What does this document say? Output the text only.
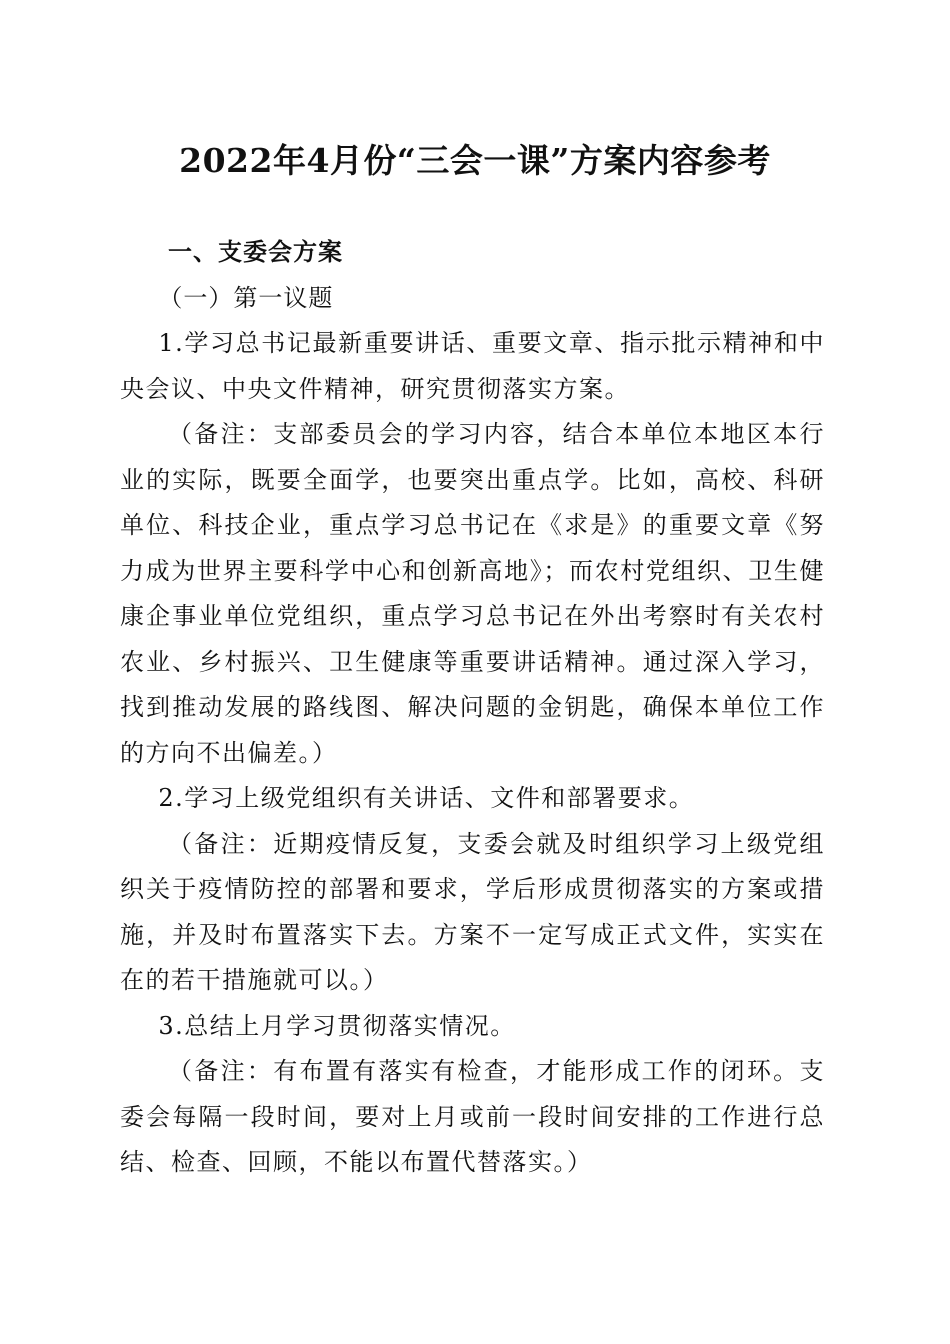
2022年4月份“三会一课”方案内容参考

一、支委会方案

（一）第一议题

1.学习总书记最新重要讲话、重要文章、指示批示精神和中央会议、中央文件精神，研究贯彻落实方案。

（备注：支部委员会的学习内容，结合本单位本地区本行业的实际，既要全面学，也要突出重点学。比如，高校、科研单位、科技企业，重点学习总书记在《求是》的重要文章《努力成为世界主要科学中心和创新高地》；而农村党组织、卫生健康企事业单位党组织，重点学习总书记在外出考察时有关农村农业、乡村振兴、卫生健康等重要讲话精神。通过深入学习，找到推动发展的路线图、解决问题的金钥匙，确保本单位工作的方向不出偏差。）

2.学习上级党组织有关讲话、文件和部署要求。

（备注：近期疫情反复，支委会就及时组织学习上级党组织关于疫情防控的部署和要求，学后形成贯彻落实的方案或措施，并及时布置落实下去。方案不一定写成正式文件，实实在在的若干措施就可以。）

3.总结上月学习贯彻落实情况。

（备注：有布置有落实有检查，才能形成工作的闭环。支委会每隔一段时间，要对上月或前一段时间安排的工作进行总结、检查、回顾，不能以布置代替落实。）
